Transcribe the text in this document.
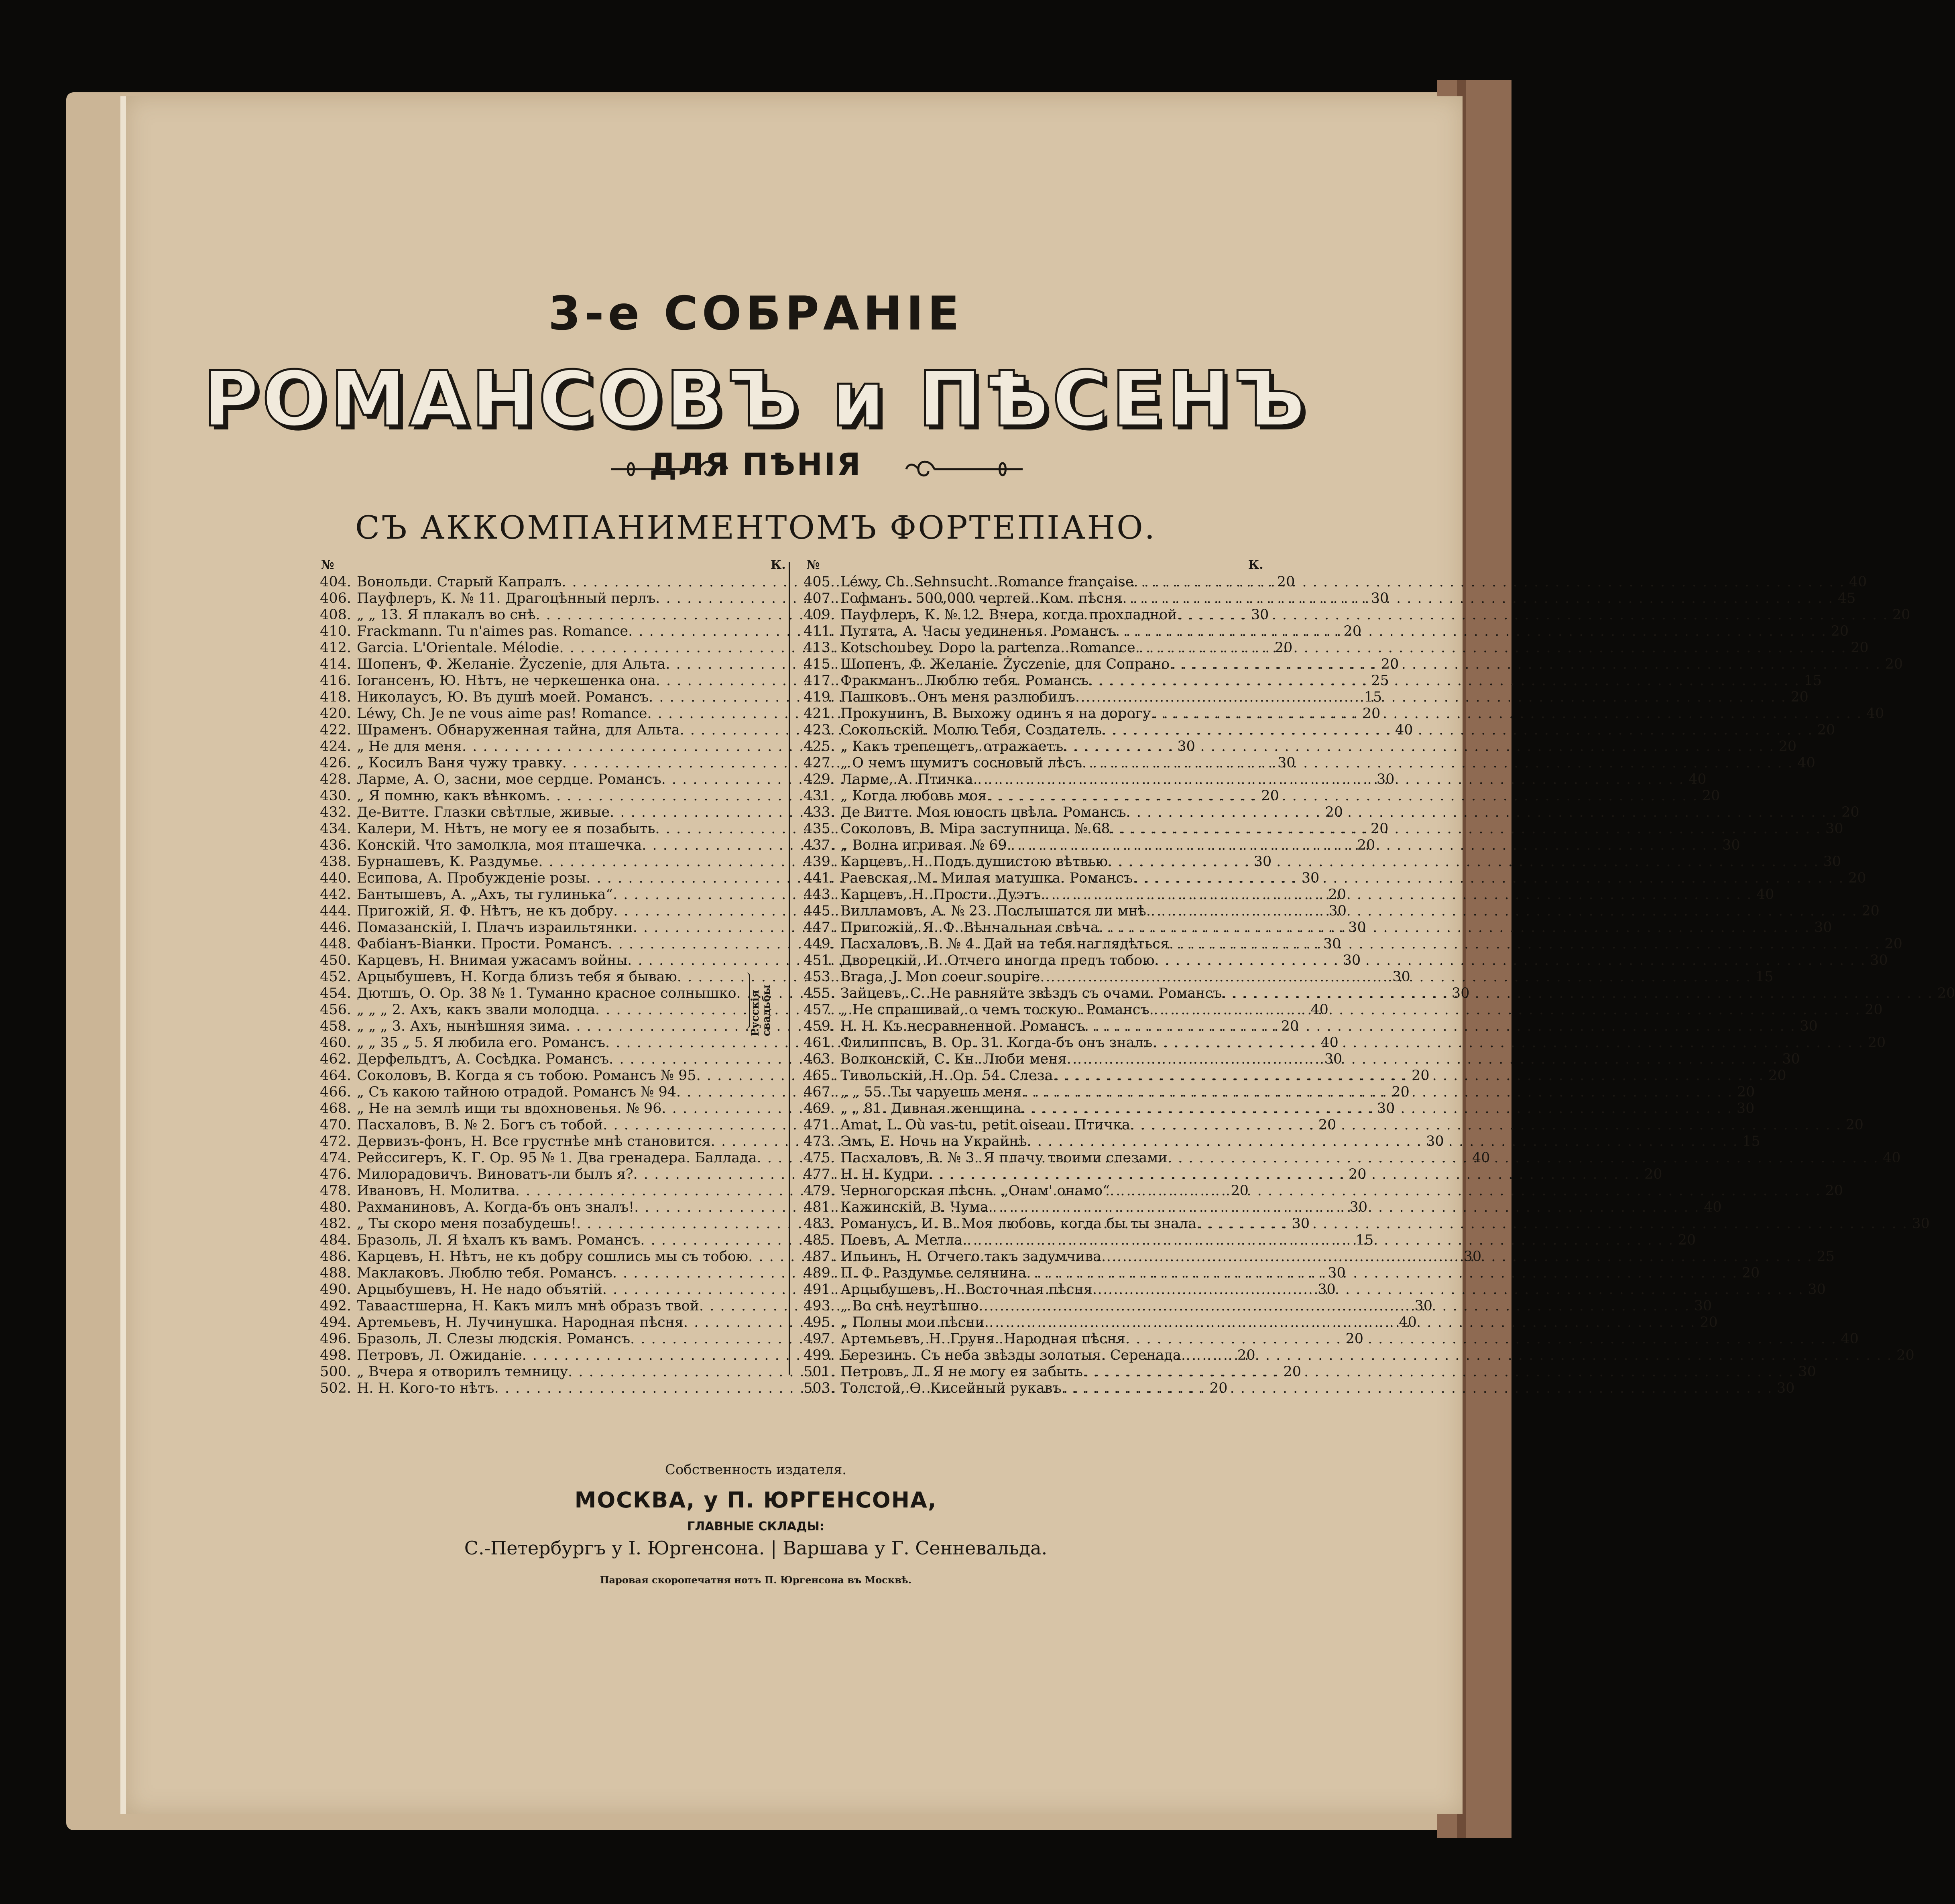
3-е СОБРАНІЕ
РОМАНСОВЪ и ПѢСЕНЪ
ДЛЯ ПѢНІЯ
СЪ АККОМПАНИМЕНТОМЪ ФОРТЕПІАНО.
№	К. №	К.
404. Вонольди. Старый Капралъ . . .	20
406. Пауфлеръ, К. № 11. Драгоцѣнный перлъ . . .	30
408. „ „ 13. Я плакалъ во снѣ . . .	30
410. Frackmann. Tu n'aimes pas. Romance . . .	20
412. Garcia. L'Orientale. Mélodie . . .	20
414. Шопенъ, Ф. Желаніе. Życzenie, для Альта . . .	20
416. Іогансенъ, Ю. Нѣтъ, не черкешенка она . . .	25
418. Николаусъ, Ю. Въ душѣ моей. Романсъ . . .	15
420. Léwy, Ch. Je ne vous aime pas! Romance . . .	20
422. Шраменъ. Обнаруженная тайна, для Альта . . .	40
424. „ Не для меня . . .	30
426. „ Косилъ Ваня чужу травку . . .	30
428. Ларме, А. О, засни, мое сердце. Романсъ . . .	30
430. „ Я помню, какъ вѣнкомъ . . .	20
432. Де-Витте. Глазки свѣтлые, живые . . .	20
434. Калери, М. Нѣтъ, не могу ее я позабыть . . .	20
436. Конскій. Что замолкла, моя пташечка . . .	20
438. Бурнашевъ, К. Раздумье . . .	30
440. Есипова, А. Пробужденіе розы . . .	30
442. Бантышевъ, А. „Ахъ, ты гулинька“ . . .	20
444. Пригожій, Я. Ф. Нѣтъ, не къ добру . . .	30
446. Помазанскій, І. Плачъ израильтянки . . .	30
448. Фабіанъ-Віанки. Прости. Романсъ . . .	30
450. Карцевъ, Н. Внимая ужасамъ войны . . .	30
452. Арцыбушевъ, Н. Когда близъ тебя я бываю . . .	30
454. Дютшъ, О. Ор. 38 № 1. Туманно красное солнышко . . .	30
456. „ „ „ 2. Ахъ, какъ звали молодца . . .	40
458. „ „ „ 3. Ахъ, нынѣшняя зима . . .	20
460. „ „ 35 „ 5. Я любила его. Романсъ . . .	40
462. Дерфельдтъ, А. Сосѣдка. Романсъ . . .	30
464. Соколовъ, В. Когда я съ тобою. Романсъ № 95 . . .	20
466. „ Съ какою тайною отрадой. Романсъ № 94 . . .	20
468. „ Не на землѣ ищи ты вдохновенья. № 96 . . .	30
470. Пасхаловъ, В. № 2. Богъ съ тобой . . .	20
472. Дервизъ-фонъ, Н. Все грустнѣе мнѣ становится . . .	30
474. Рейссигеръ, К. Г. Ор. 95 № 1. Два гренадера. Баллада . . .	40
476. Милорадовичъ. Виноватъ-ли былъ я? . . .	20
478. Ивановъ, Н. Молитва . . .	20
480. Рахманиновъ, А. Когда-бъ онъ зналъ! . . .	30
482. „ Ты скоро меня позабудешь! . . .	30
484. Бразоль, Л. Я ѣхалъ къ вамъ. Романсъ . . .	15
486. Карцевъ, Н. Нѣтъ, не къ добру сошлись мы съ тобою . . .	30
488. Маклаковъ. Люблю тебя. Романсъ . . .	30
490. Арцыбушевъ, Н. Не надо объятій . . .	30
492. Таваастшерна, Н. Какъ милъ мнѣ образъ твой . . .	30
494. Артемьевъ, Н. Лучинушка. Народная пѣсня . . .	40
496. Бразоль, Л. Слезы людскія. Романсъ . . .	20
498. Петровъ, Л. Ожиданіе . . .	20
500. „ Вчера я отворилъ темницу . . .	20
502. Н. Н. Кого-то нѣтъ . . .	20
405. Léwy, Ch. Sehnsucht. Romance française . . .	40
407. Гофманъ. 500,000 чертей. Ком. пѣсня . . .	45
409. Пауфлеръ, К. № 12. Вчера, когда прохладной . . .	20
411. Путята, А. Часы уединенья. Романсъ . . .	20
413. Kotschoubey. Dopo la partenza. Romance . . .	20
415. Шопенъ, Ф. Желаніе. Życzenie, для Сопрано . . .	20
417. Фракманъ. Люблю тебя. Романсъ . . .	15
419. Пашковъ. Онъ меня разлюбилъ . . .	20
421. Прокунинъ, В. Выхожу одинъ я на дорогу . . .	40
423. Сокольскій. Молю Тебя, Создатель . . .	20
425. „ Какъ трепещетъ, отражаетъ . . .	20
427. „ О чемъ шумитъ сосновый лѣсъ . . .	40
429. Ларме, А. Птичка . . .	40
431. „ Когда любовь моя . . .	20
433. Де Витте. Моя юность цвѣла. Романсъ . . .	20
435. Соколовъ, В. Міра заступница. № 68 . . .	30
437. „ Волна игривая. № 69 . . .	30
439. Карцевъ, Н. Подъ душистою вѣтвью . . .	30
441. Раевская, М. Милая матушка. Романсъ . . .	20
443. Карцевъ, Н. Прости. Дуэтъ . . .	40
445. Вилламовъ, А. № 23. Послышатся ли мнѣ . . .	20
447. Пригожій, Я. Ф. Вѣнчальная свѣча . . .	30
449. Пасхаловъ, В. № 4. Дай на тебя наглядѣться . . .	20
451. Дворецкій, И. Отчего иногда предъ тобою . . .	30
453. Braga, J. Mon coeur soupire . . .	15
455. Зайцевъ, С. Не равняйте звѣздъ съ очами. Романсъ . . .	20
457. „ Не спрашивай, о чемъ тоскую. Романсъ . . .	20
459. Н. Н. Къ несравненной. Романсъ . . .	30
461. Филиппсвъ, В. Ор. 31. Когда-бъ онъ зналъ . . .	20
463. Волконскій, С. Кн. Люби меня . . .	30
465. Тивольскій, Н. Ор. 54. Слеза . . .	20
467. „ „ 55. Ты чаруешь меня . . .	20
469. „ „ 81. Дивная женщина . . .	30
471. Amat, L. Où vas-tu, petit oiseau. Птичка . . .	20
473. Эмъ, Е. Ночь на Украйнѣ . . .	15
475. Пасхаловъ, В. № 3. Я плачу твоими слезами . . .	40
477. Н. Н. Кудри . . .	20
479. Черногорская пѣснь. „Онам' онамо“ . . .	20
481. Кажинскій, В. Чума . . .	40
483. Романусъ, И. В. Моя любовь, когда бы ты знала . . .	30
485. Поевъ, А. Метла . . .	20
487. Ильинъ, Н. Отчего такъ задумчива . . .	25
489. П. Ф. Раздумье селянина . . .	20
491. Арцыбушевъ, Н. Восточная пѣсня . . .	30
493. „ Во снѣ неутѣшно . . .	30
495. „ Полны мои пѣсни . . .	20
497. Артемьевъ, Н. Груня. Народная пѣсня . . .	40
499. Березинъ. Съ неба звѣзды золотыя. Серенада . . .	20
501. Петровъ, Л. Я не могу ея забыть . . .	30
503. Толстой, Ѳ. Кисейный рукавъ . . .	30
Русскія свадьбы
Собственность издателя.
МОСКВА, у П. ЮРГЕНСОНА,
ГЛАВНЫЕ СКЛАДЫ:
С.-Петербургъ у І. Юргенсона. | Варшава у Г. Сенневальда.
Паровая скоропечатня нотъ П. Юргенсона въ Москвѣ.
